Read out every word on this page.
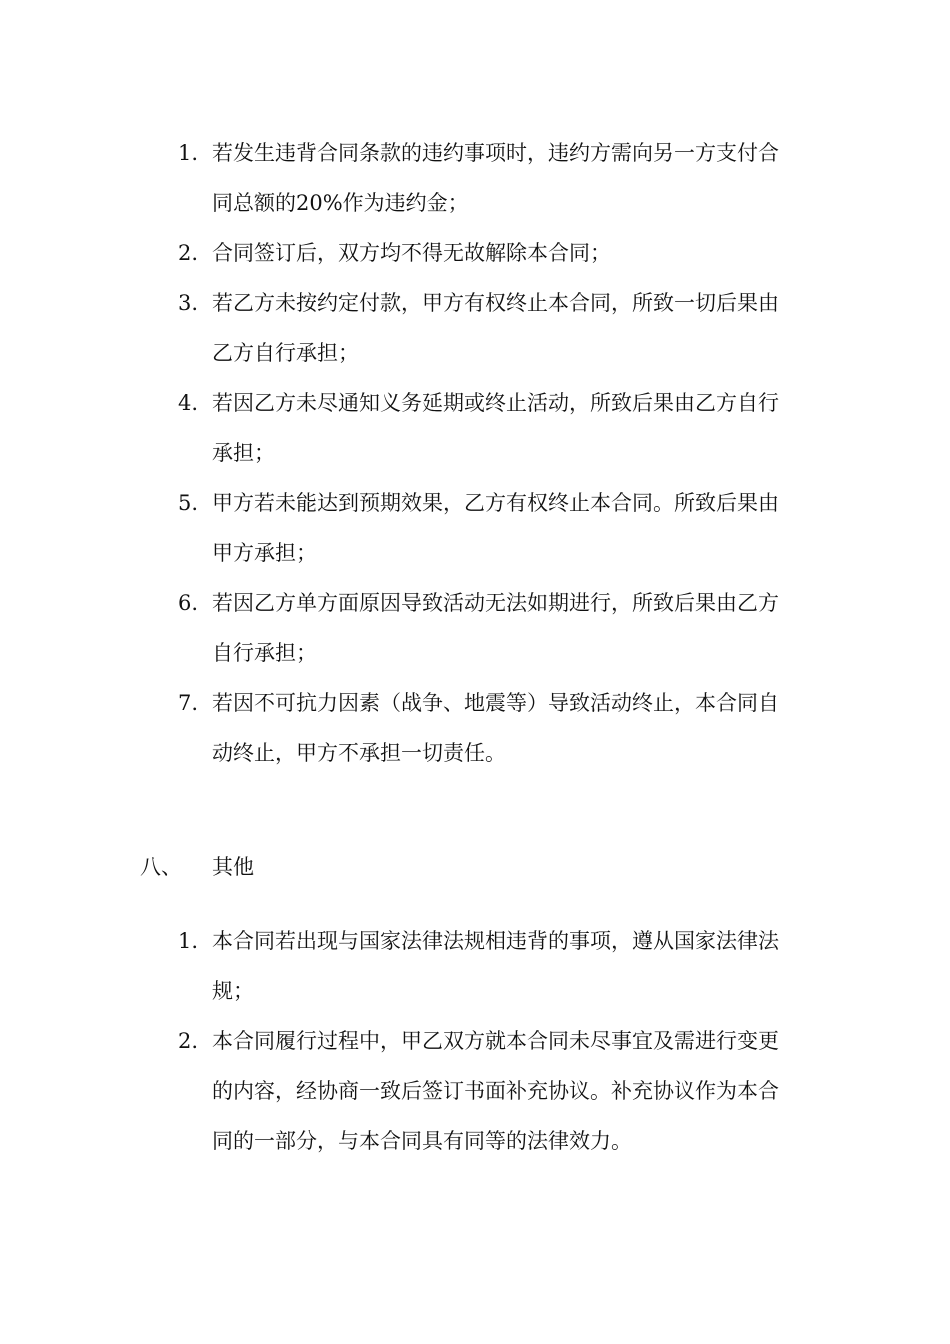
1. 若发生违背合同条款的违约事项时，违约方需向另一方支付合同总额的20%作为违约金；
2. 合同签订后，双方均不得无故解除本合同；
3. 若乙方未按约定付款，甲方有权终止本合同，所致一切后果由乙方自行承担；
4. 若因乙方未尽通知义务延期或终止活动，所致后果由乙方自行承担；
5. 甲方若未能达到预期效果，乙方有权终止本合同。所致后果由甲方承担；
6. 若因乙方单方面原因导致活动无法如期进行，所致后果由乙方自行承担；
7. 若因不可抗力因素（战争、地震等）导致活动终止，本合同自动终止，甲方不承担一切责任。
八、 其他
1. 本合同若出现与国家法律法规相违背的事项，遵从国家法律法规；
2. 本合同履行过程中，甲乙双方就本合同未尽事宜及需进行变更的内容，经协商一致后签订书面补充协议。补充协议作为本合同的一部分，与本合同具有同等的法律效力。
